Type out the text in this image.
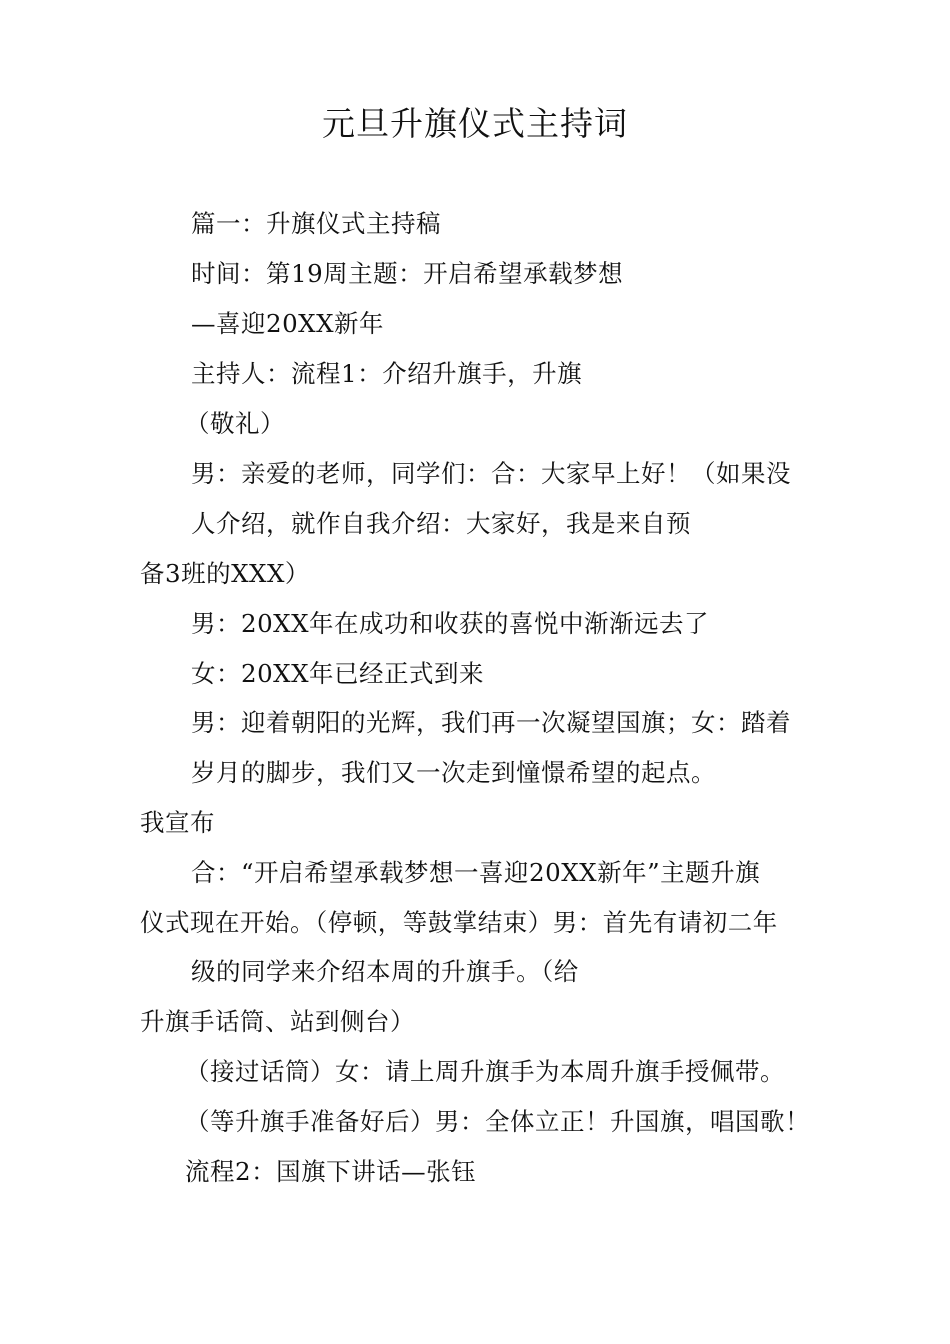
元旦升旗仪式主持词
篇一：升旗仪式主持稿
时间：第19周主题：开启希望承载梦想
—喜迎20XX新年
主持人：流程1：介绍升旗手，升旗
（敬礼）
男：亲爱的老师，同学们：合：大家早上好！（如果没
人介绍，就作自我介绍：大家好，我是来自预
备3班的XXX）
男：20XX年在成功和收获的喜悦中渐渐远去了
女：20XX年已经正式到来
男：迎着朝阳的光辉，我们再一次凝望国旗；女：踏着
岁月的脚步，我们又一次走到憧憬希望的起点。
我宣布
合：“开启希望承载梦想一喜迎20XX新年”主题升旗
仪式现在开始。（停顿，等鼓掌结束）男：首先有请初二年
级的同学来介绍本周的升旗手。（给
升旗手话筒、站到侧台）
（接过话筒）女：请上周升旗手为本周升旗手授佩带。
（等升旗手准备好后）男：全体立正！升国旗，唱国歌！
流程2：国旗下讲话—张钰
